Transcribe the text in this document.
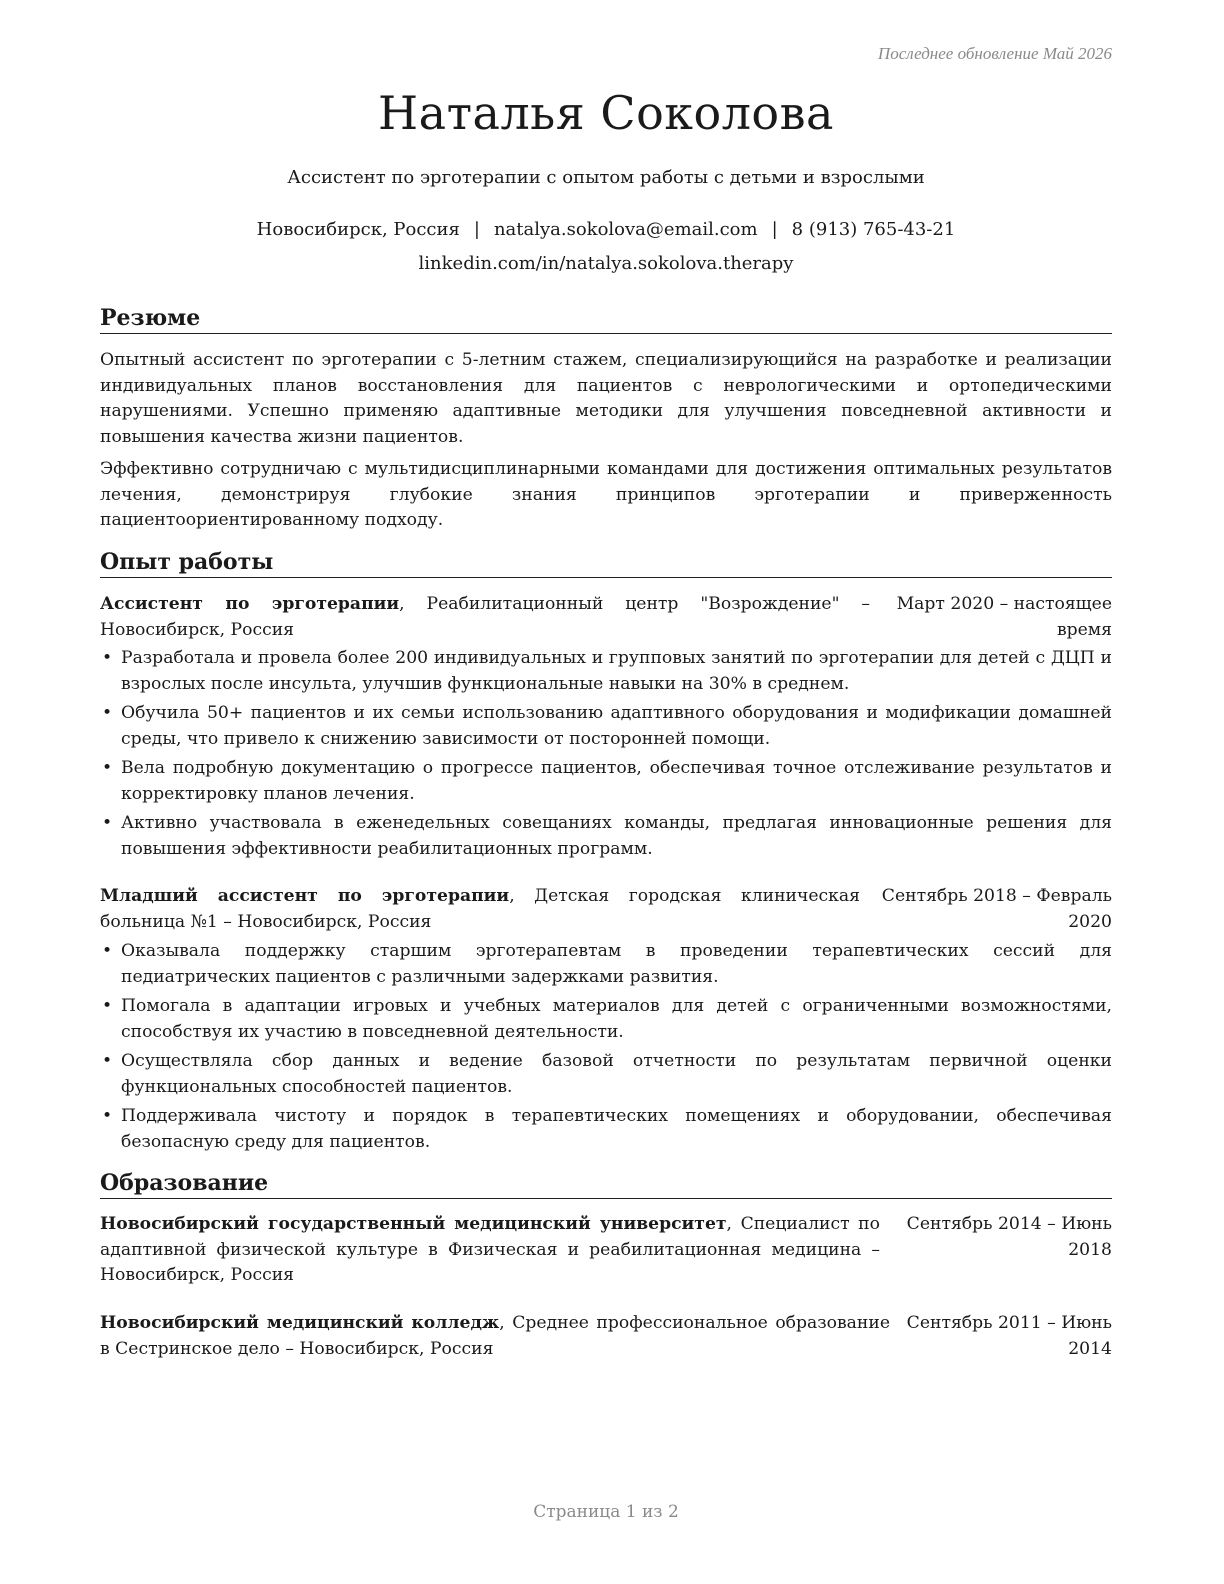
Последнее обновление Май 2026
Наталья Соколова
Ассистент по эрготерапии с опытом работы с детьми и взрослыми
Новосибирск, Россия | natalya.sokolova@email.com | 8 (913) 765-43-21
linkedin.com/in/natalya.sokolova.therapy
Резюме

Опытный ассистент по эрготерапии с 5-летним стажем, специализирующийся на разработке и реализации индивидуальных планов восстановления для пациентов с неврологическими и ортопедическими нарушениями. Успешно применяю адаптивные методики для улучшения повседневной активности и повышения качества жизни пациентов.

Эффективно сотрудничаю с мультидисциплинарными командами для достижения оптимальных результатов лечения, демонстрируя глубокие знания принципов эрготерапии и приверженность пациентоориентированному подходу.

Опыт работы
Ассистент по эрготерапии, Реабилитационный центр "Возрождение" – Новосибирск, Россия
Март 2020 – настоящее время
• Разработала и провела более 200 индивидуальных и групповых занятий по эрготерапии для детей с ДЦП и взрослых после инсульта, улучшив функциональные навыки на 30% в среднем.
• Обучила 50+ пациентов и их семьи использованию адаптивного оборудования и модификации домашней среды, что привело к снижению зависимости от посторонней помощи.
• Вела подробную документацию о прогрессе пациентов, обеспечивая точное отслеживание результатов и корректировку планов лечения.
• Активно участвовала в еженедельных совещаниях команды, предлагая инновационные решения для повышения эффективности реабилитационных программ.
Младший ассистент по эрготерапии, Детская городская клиническая больница №1 – Новосибирск, Россия
Сентябрь 2018 – Февраль 2020
• Оказывала поддержку старшим эрготерапевтам в проведении терапевтических сессий для педиатрических пациентов с различными задержками развития.
• Помогала в адаптации игровых и учебных материалов для детей с ограниченными возможностями, способствуя их участию в повседневной деятельности.
• Осуществляла сбор данных и ведение базовой отчетности по результатам первичной оценки функциональных способностей пациентов.
• Поддерживала чистоту и порядок в терапевтических помещениях и оборудовании, обеспечивая безопасную среду для пациентов.
Образование
Новосибирский государственный медицинский университет, Специалист по адаптивной физической культуре в Физическая и реабилитационная медицина – Новосибирск, Россия
Сентябрь 2014 – Июнь 2018
Новосибирский медицинский колледж, Среднее профессиональное образование в Сестринское дело – Новосибирск, Россия
Сентябрь 2011 – Июнь 2014
Страница 1 из 2
